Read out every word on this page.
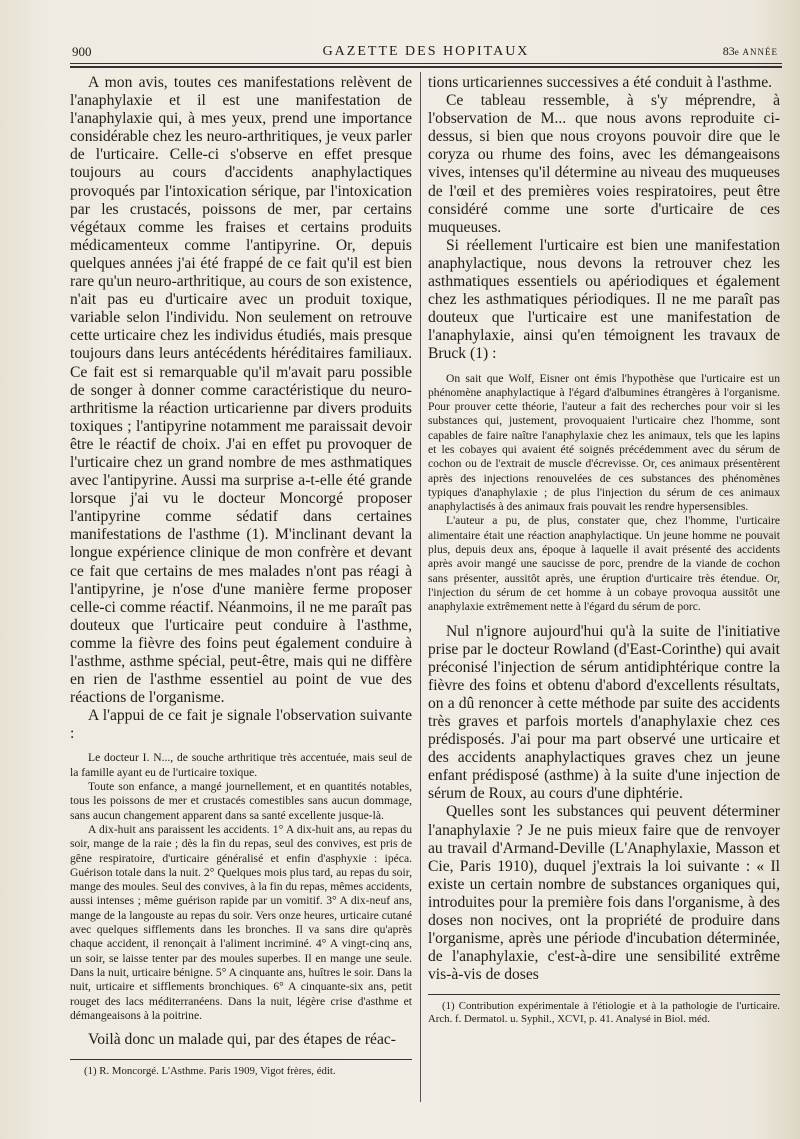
900	GAZETTE DES HOPITAUX	83e ANNÉE

A mon avis, toutes ces manifestations relèvent de l'anaphylaxie et il est une manifestation de l'anaphylaxie qui, à mes yeux, prend une importance considérable chez les neuro-arthritiques, je veux parler de l'urticaire. Celle-ci s'observe en effet presque toujours au cours d'accidents anaphylactiques provoqués par l'intoxication sérique, par l'intoxication par les crustacés, poissons de mer, par certains végétaux comme les fraises et certains produits médicamenteux comme l'antipyrine. Or, depuis quelques années j'ai été frappé de ce fait qu'il est bien rare qu'un neuro-arthritique, au cours de son existence, n'ait pas eu d'urticaire avec un produit toxique, variable selon l'individu. Non seulement on retrouve cette urticaire chez les individus étudiés, mais presque toujours dans leurs antécédents héréditaires familiaux. Ce fait est si remarquable qu'il m'avait paru possible de songer à donner comme caractéristique du neuro-arthritisme la réaction urticarienne par divers produits toxiques ; l'antipyrine notamment me paraissait devoir être le réactif de choix. J'ai en effet pu provoquer de l'urticaire chez un grand nombre de mes asthmatiques avec l'antipyrine. Aussi ma surprise a-t-elle été grande lorsque j'ai vu le docteur Moncorgé proposer l'antipyrine comme sédatif dans certaines manifestations de l'asthme (1). M'inclinant devant la longue expérience clinique de mon confrère et devant ce fait que certains de mes malades n'ont pas réagi à l'antipyrine, je n'ose d'une manière ferme proposer celle-ci comme réactif. Néanmoins, il ne me paraît pas douteux que l'urticaire peut conduire à l'asthme, comme la fièvre des foins peut également conduire à l'asthme, asthme spécial, peut-être, mais qui ne diffère en rien de l'asthme essentiel au point de vue des réactions de l'organisme.

A l'appui de ce fait je signale l'observation suivante :

Le docteur I. N..., de souche arthritique très accentuée, mais seul de la famille ayant eu de l'urticaire toxique.

Toute son enfance, a mangé journellement, et en quantités notables, tous les poissons de mer et crustacés comestibles sans aucun dommage, sans aucun changement apparent dans sa santé excellente jusque-là.

A dix-huit ans paraissent les accidents. 1° A dix-huit ans, au repas du soir, mange de la raie ; dès la fin du repas, seul des convives, est pris de gêne respiratoire, d'urticaire généralisé et enfin d'asphyxie : ipéca. Guérison totale dans la nuit. 2° Quelques mois plus tard, au repas du soir, mange des moules. Seul des convives, à la fin du repas, mêmes accidents, aussi intenses ; même guérison rapide par un vomitif. 3° A dix-neuf ans, mange de la langouste au repas du soir. Vers onze heures, urticaire cutané avec quelques sifflements dans les bronches. Il va sans dire qu'après chaque accident, il renonçait à l'aliment incriminé. 4° A vingt-cinq ans, un soir, se laisse tenter par des moules superbes. Il en mange une seule. Dans la nuit, urticaire bénigne. 5° A cinquante ans, huîtres le soir. Dans la nuit, urticaire et sifflements bronchiques. 6° A cinquante-six ans, petit rouget des lacs méditerranéens. Dans la nuit, légère crise d'asthme et démangeaisons à la poitrine.

Voilà donc un malade qui, par des étapes de réac-

(1) R. Moncorgé. L'Asthme. Paris 1909, Vigot frères, édit.

tions urticariennes successives a été conduit à l'asthme.

Ce tableau ressemble, à s'y méprendre, à l'observation de M... que nous avons reproduite ci-dessus, si bien que nous croyons pouvoir dire que le coryza ou rhume des foins, avec les démangeaisons vives, intenses qu'il détermine au niveau des muqueuses de l'œil et des premières voies respiratoires, peut être considéré comme une sorte d'urticaire de ces muqueuses.

Si réellement l'urticaire est bien une manifestation anaphylactique, nous devons la retrouver chez les asthmatiques essentiels ou apériodiques et également chez les asthmatiques périodiques. Il ne me paraît pas douteux que l'urticaire est une manifestation de l'anaphylaxie, ainsi qu'en témoignent les travaux de Bruck (1) :

On sait que Wolf, Eisner ont émis l'hypothèse que l'urticaire est un phénomène anaphylactique à l'égard d'albumines étrangères à l'organisme. Pour prouver cette théorie, l'auteur a fait des recherches pour voir si les substances qui, justement, provoquaient l'urticaire chez l'homme, sont capables de faire naître l'anaphylaxie chez les animaux, tels que les lapins et les cobayes qui avaient été soignés précédemment avec du sérum de cochon ou de l'extrait de muscle d'écrevisse. Or, ces animaux présentèrent après des injections renouvelées de ces substances des phénomènes typiques d'anaphylaxie ; de plus l'injection du sérum de ces animaux anaphylactisés à des animaux frais pouvait les rendre hypersensibles.

L'auteur a pu, de plus, constater que, chez l'homme, l'urticaire alimentaire était une réaction anaphylactique. Un jeune homme ne pouvait plus, depuis deux ans, époque à laquelle il avait présenté des accidents après avoir mangé une saucisse de porc, prendre de la viande de cochon sans présenter, aussitôt après, une éruption d'urticaire très étendue. Or, l'injection du sérum de cet homme à un cobaye provoqua aussitôt une anaphylaxie extrêmement nette à l'égard du sérum de porc.

Nul n'ignore aujourd'hui qu'à la suite de l'initiative prise par le docteur Rowland (d'East-Corinthe) qui avait préconisé l'injection de sérum antidiphtérique contre la fièvre des foins et obtenu d'abord d'excellents résultats, on a dû renoncer à cette méthode par suite des accidents très graves et parfois mortels d'anaphylaxie chez ces prédisposés. J'ai pour ma part observé une urticaire et des accidents anaphylactiques graves chez un jeune enfant prédisposé (asthme) à la suite d'une injection de sérum de Roux, au cours d'une diphtérie.

Quelles sont les substances qui peuvent déterminer l'anaphylaxie ? Je ne puis mieux faire que de renvoyer au travail d'Armand-Deville (L'Anaphylaxie, Masson et Cie, Paris 1910), duquel j'extrais la loi suivante : « Il existe un certain nombre de substances organiques qui, introduites pour la première fois dans l'organisme, à des doses non nocives, ont la propriété de produire dans l'organisme, après une période d'incubation déterminée, de l'anaphylaxie, c'est-à-dire une sensibilité extrême vis-à-vis de doses

(1) Contribution expérimentale à l'étiologie et à la pathologie de l'urticaire. Arch. f. Dermatol. u. Syphil., XCVI, p. 41. Analysé in Biol. méd.
